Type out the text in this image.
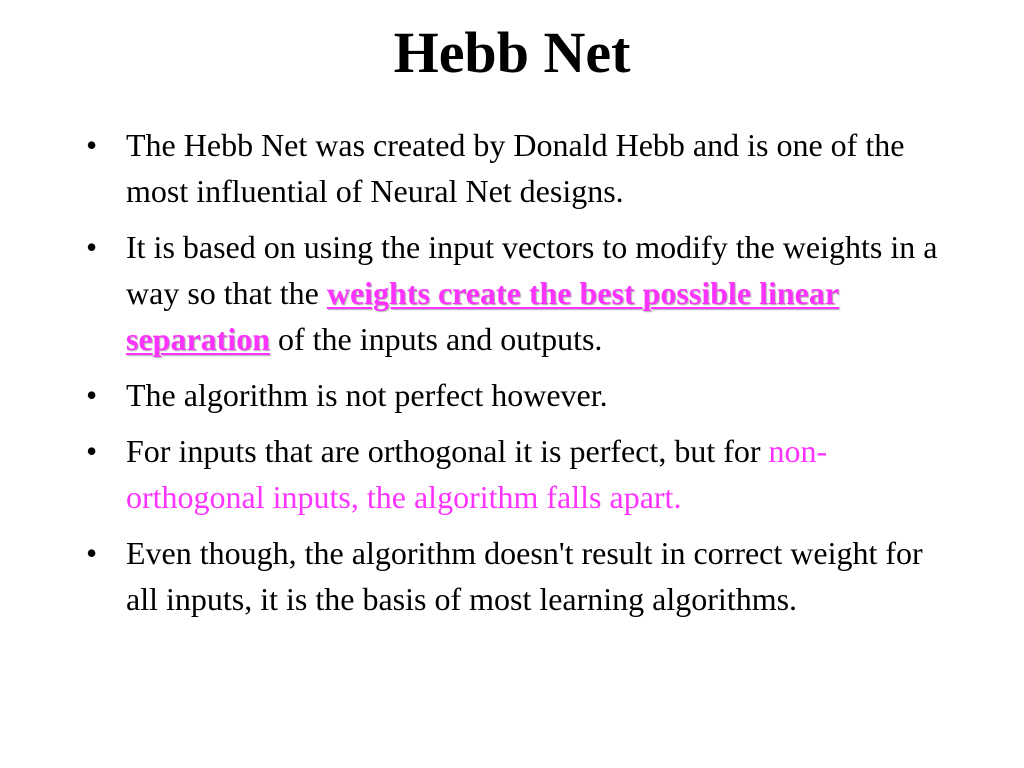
Hebb Net
• The Hebb Net was created by Donald Hebb and is one of the most influential of Neural Net designs.
• It is based on using the input vectors to modify the weights in a way so that the weights create the best possible linear separation of the inputs and outputs.
• The algorithm is not perfect however.
• For inputs that are orthogonal it is perfect, but for non-orthogonal inputs, the algorithm falls apart.
• Even though, the algorithm doesn't result in correct weight for all inputs, it is the basis of most learning algorithms.
